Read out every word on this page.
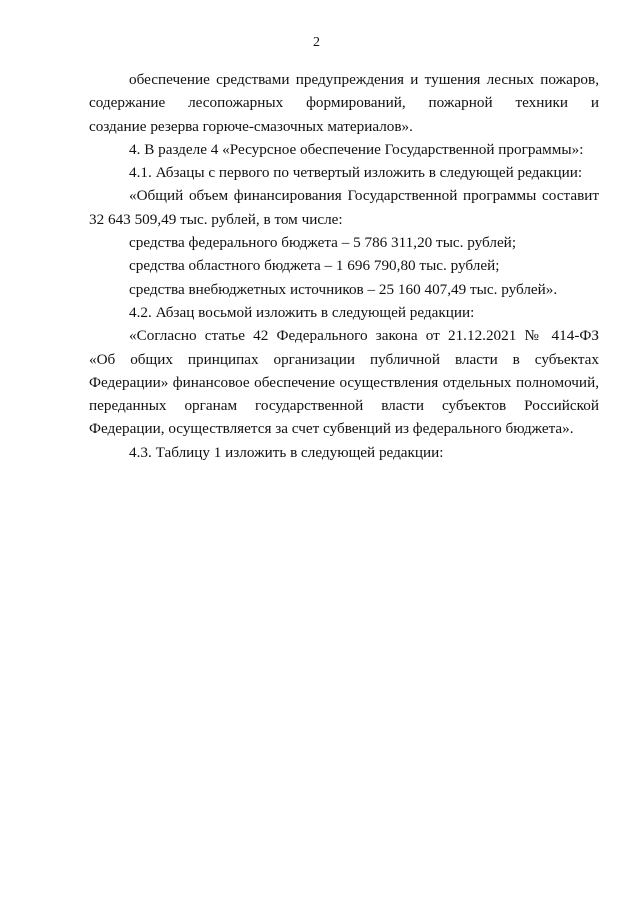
2
обеспечение средствами предупреждения и тушения лесных пожаров,
содержание лесопожарных формирований, пожарной техники и
создание резерва горюче-смазочных материалов».
4. В разделе 4 «Ресурсное обеспечение Государственной программы»:
4.1. Абзацы с первого по четвертый изложить в следующей редакции:
«Общий объем финансирования Государственной программы составит
32 643 509,49 тыс. рублей, в том числе:
средства федерального бюджета – 5 786 311,20 тыс. рублей;
средства областного бюджета – 1 696 790,80 тыс. рублей;
средства внебюджетных источников – 25 160 407,49 тыс. рублей».
4.2. Абзац восьмой изложить в следующей редакции:
«Согласно статье 42 Федерального закона от 21.12.2021 № 414-ФЗ
«Об общих принципах организации публичной власти в субъектах
Федерации» финансовое обеспечение осуществления отдельных полномочий,
переданных органам государственной власти субъектов Российской
Федерации, осуществляется за счет субвенций из федерального бюджета».
4.3. Таблицу 1 изложить в следующей редакции:
